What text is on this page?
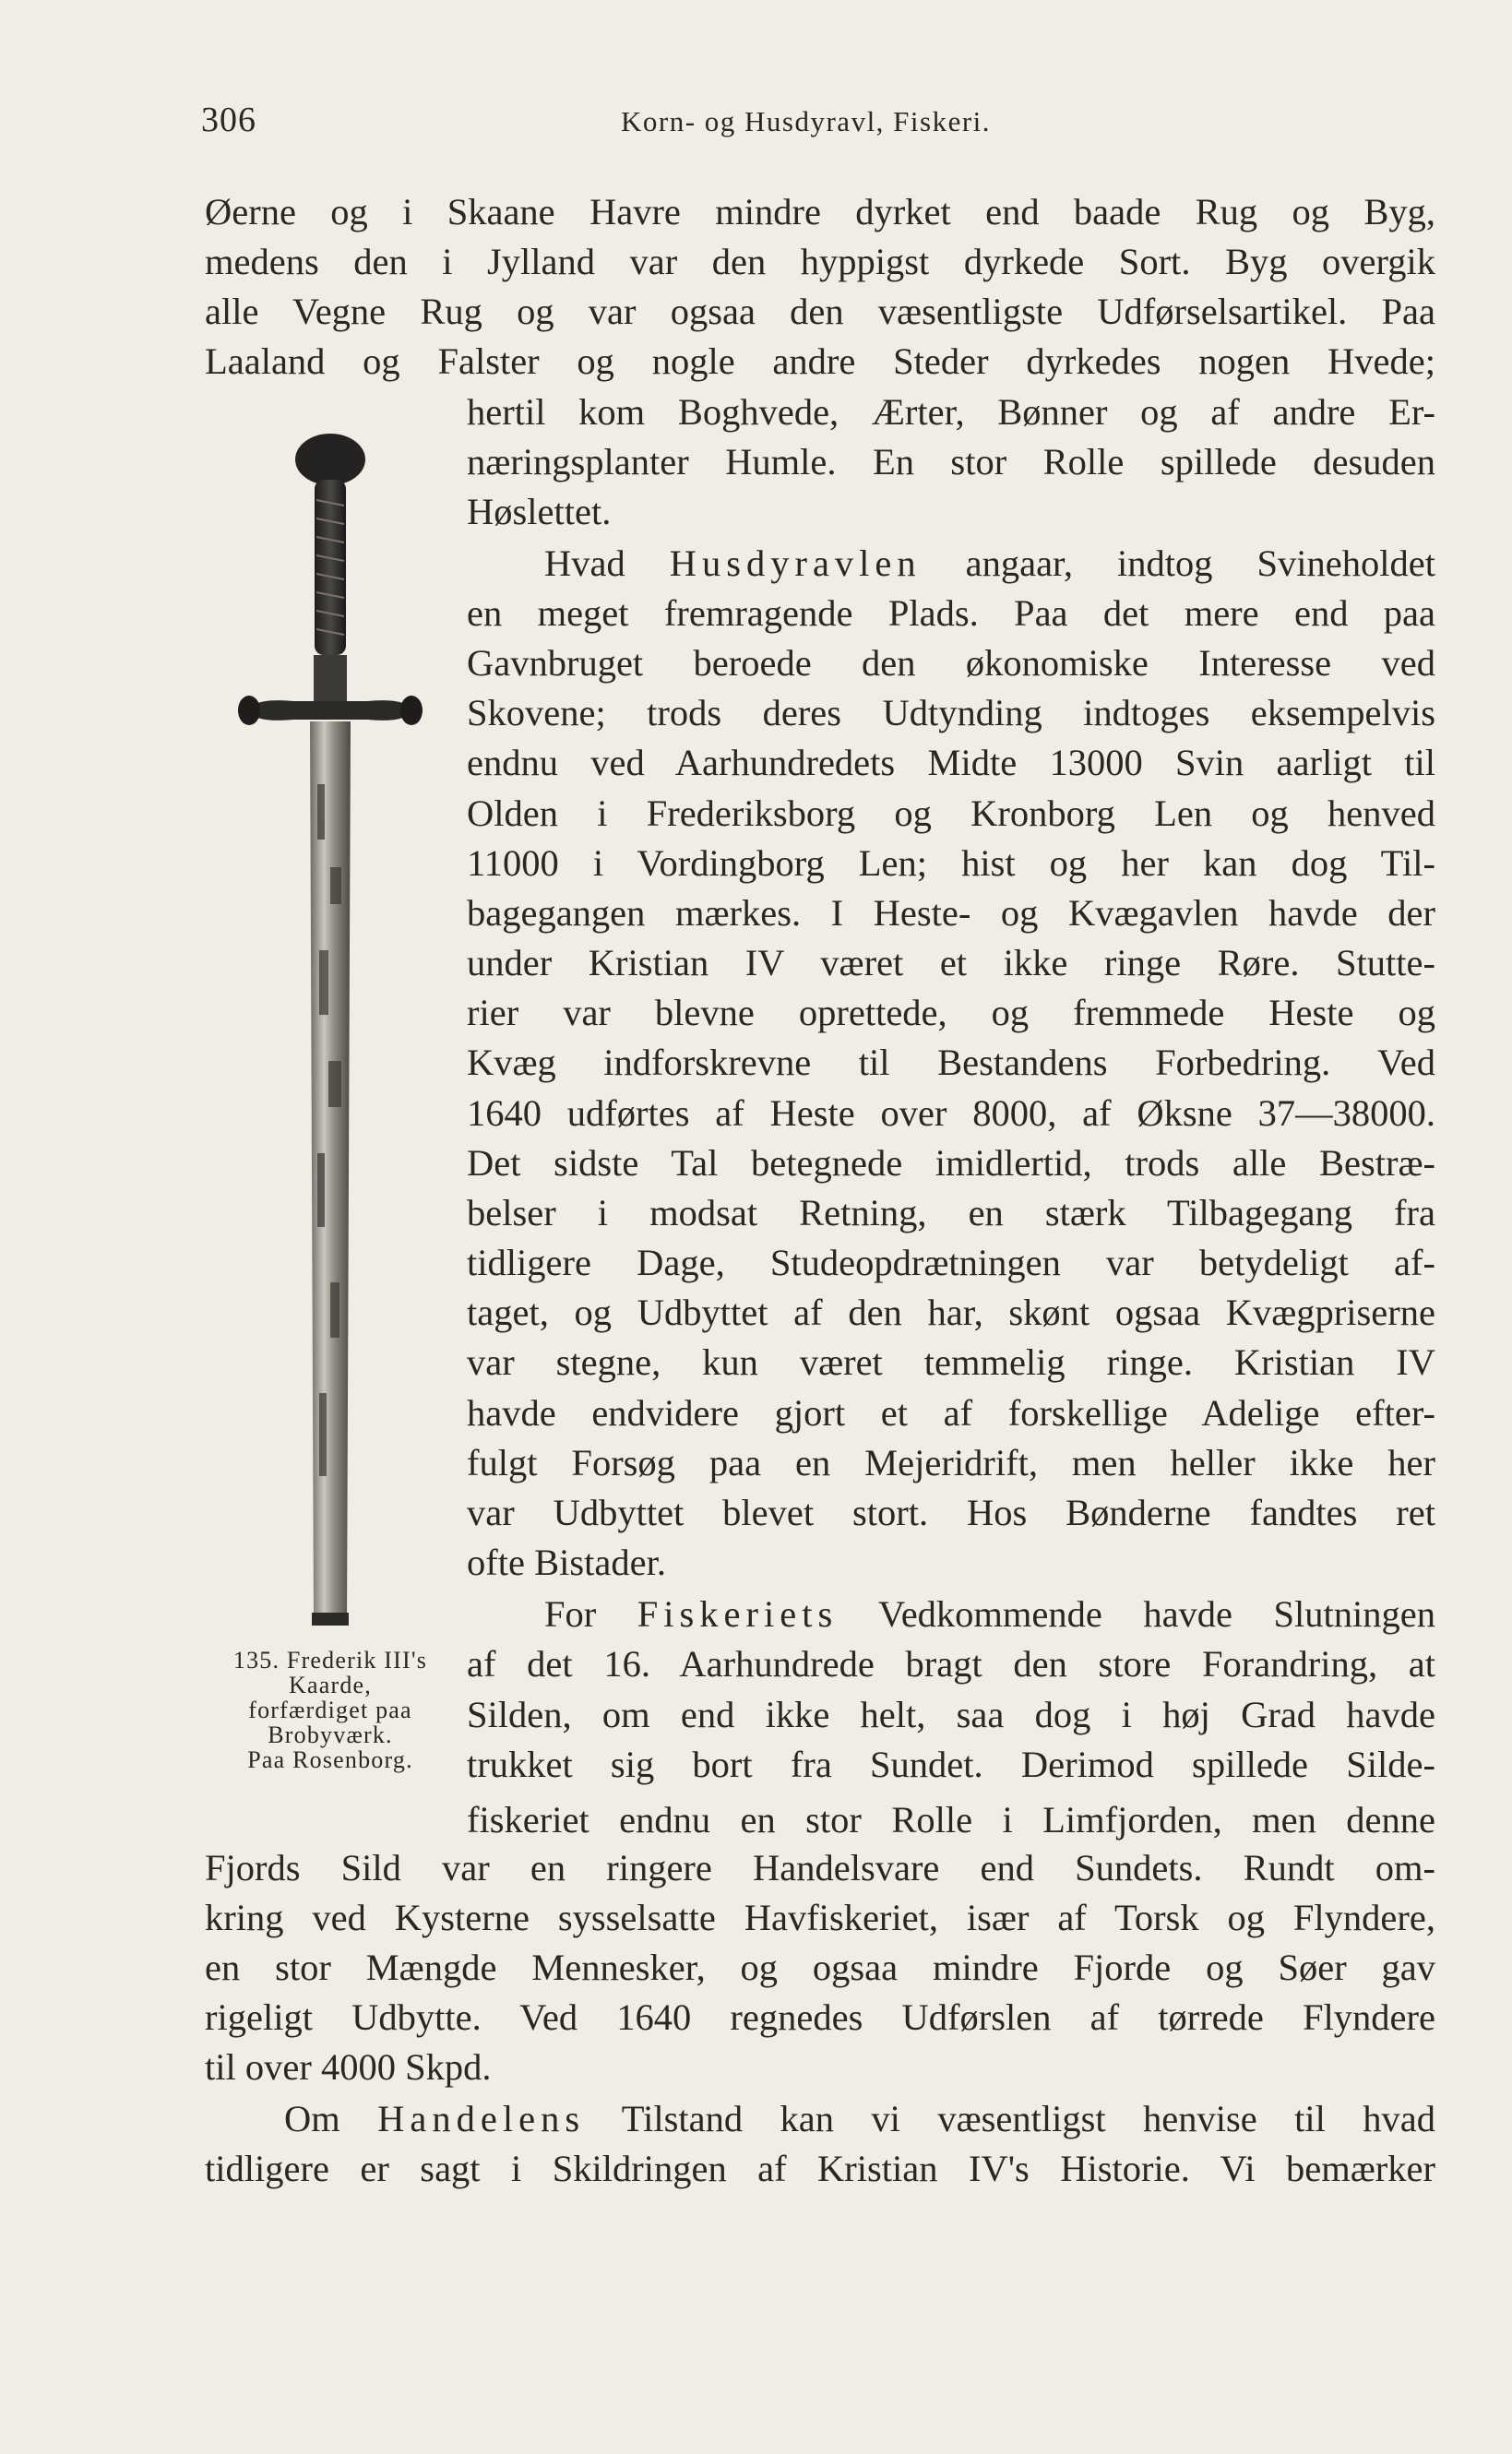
306	Korn- og Husdyravl, Fiskeri.
Øerne og i Skaane Havre mindre dyrket end baade Rug og Byg,
medens den i Jylland var den hyppigst dyrkede Sort. Byg overgik
alle Vegne Rug og var ogsaa den væsentligste Udførselsartikel. Paa
Laaland og Falster og nogle andre Steder dyrkedes nogen Hvede;
hertil kom Boghvede, Ærter, Bønner og af andre Er-
næringsplanter Humle. En stor Rolle spillede desuden
Høslettet.
Hvad Husdyravlen angaar, indtog Svineholdet
en meget fremragende Plads. Paa det mere end paa
Gavnbruget beroede den økonomiske Interesse ved
Skovene; trods deres Udtynding indtoges eksempelvis
endnu ved Aarhundredets Midte 13000 Svin aarligt til
Olden i Frederiksborg og Kronborg Len og henved
11000 i Vordingborg Len; hist og her kan dog Til-
bagegangen mærkes. I Heste- og Kvægavlen havde der
under Kristian IV været et ikke ringe Røre. Stutte-
rier var blevne oprettede, og fremmede Heste og
Kvæg indforskrevne til Bestandens Forbedring. Ved
1640 udførtes af Heste over 8000, af Øksne 37—38000.
Det sidste Tal betegnede imidlertid, trods alle Bestræ-
belser i modsat Retning, en stærk Tilbagegang fra
tidligere Dage, Studeopdrætningen var betydeligt af-
taget, og Udbyttet af den har, skønt ogsaa Kvægpriserne
var stegne, kun været temmelig ringe. Kristian IV
havde endvidere gjort et af forskellige Adelige efter-
fulgt Forsøg paa en Mejeridrift, men heller ikke her
var Udbyttet blevet stort. Hos Bønderne fandtes ret
ofte Bistader.
For Fiskeriets Vedkommende havde Slutningen
af det 16. Aarhundrede bragt den store Forandring, at
Silden, om end ikke helt, saa dog i høj Grad havde
trukket sig bort fra Sundet. Derimod spillede Silde-
fiskeriet endnu en stor Rolle i Limfjorden, men denne
Fjords Sild var en ringere Handelsvare end Sundets. Rundt om-
kring ved Kysterne sysselsatte Havfiskeriet, især af Torsk og Flyndere,
en stor Mængde Mennesker, og ogsaa mindre Fjorde og Søer gav
rigeligt Udbytte. Ved 1640 regnedes Udførslen af tørrede Flyndere
til over 4000 Skpd.
Om Handelens Tilstand kan vi væsentligst henvise til hvad
tidligere er sagt i Skildringen af Kristian IV's Historie. Vi bemærker
135. Frederik III's
Kaarde,
forfærdiget paa
Brobyværk.
Paa Rosenborg.
